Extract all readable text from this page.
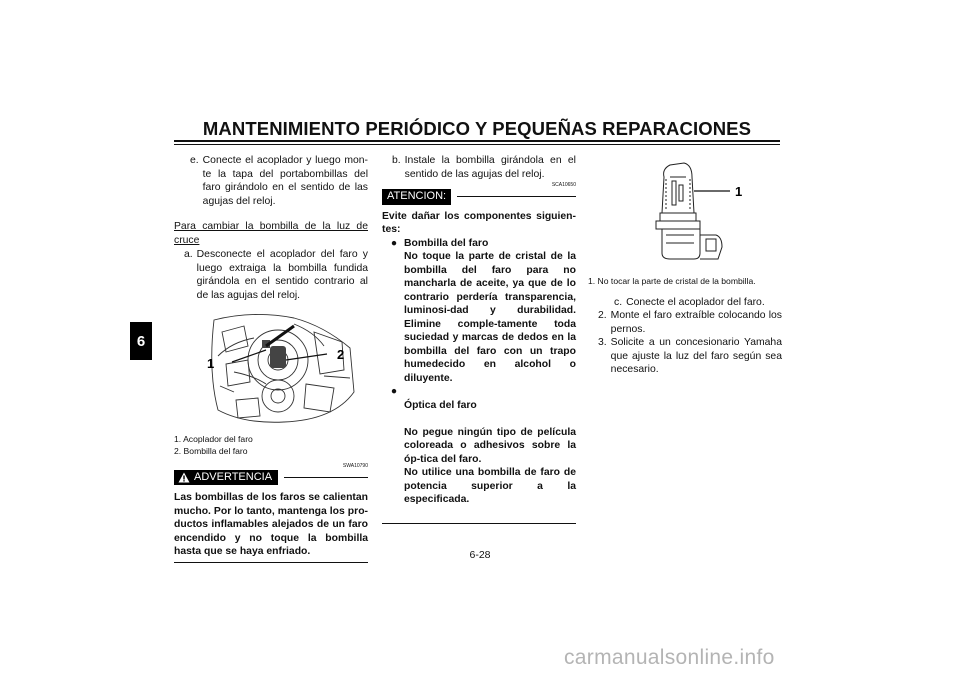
MANTENIMIENTO PERIÓDICO Y PEQUEÑAS REPARACIONES
6
e. Conecte el acoplador y luego mon-te la tapa del portabombillas del faro girándolo en el sentido de las agujas del reloj.
Para cambiar la bombilla de la luz de cruce
a. Desconecte el acoplador del faro y luego extraiga la bombilla fundida girándola en el sentido contrario al de las agujas del reloj.
1
2
1. Acoplador del faro
2. Bombilla del faro
SWA10790
ADVERTENCIA
Las bombillas de los faros se calientan mucho. Por lo tanto, mantenga los pro-ductos inflamables alejados de un faro encendido y no toque la bombilla hasta que se haya enfriado.
b. Instale la bombilla girándola en el sentido de las agujas del reloj.
SCA10650
ATENCION:
Evite dañar los componentes siguien-tes:
● Bombilla del faro
No toque la parte de cristal de la bombilla del faro para no mancharla de aceite, ya que de lo contrario perdería transparencia, luminosi-dad y durabilidad. Elimine comple-tamente toda suciedad y marcas de dedos en la bombilla del faro con un trapo humedecido en alcohol o diluyente.
●

Óptica del faro

No pegue ningún tipo de película coloreada o adhesivos sobre la óp-tica del faro.
No utilice una bombilla de faro de potencia superior a la especificada.

1
1. No tocar la parte de cristal de la bombilla.
c. Conecte el acoplador del faro.
2. Monte el faro extraíble colocando los pernos.
3. Solicite a un concesionario Yamaha que ajuste la luz del faro según sea necesario.
6-28
carmanualsonline.info
